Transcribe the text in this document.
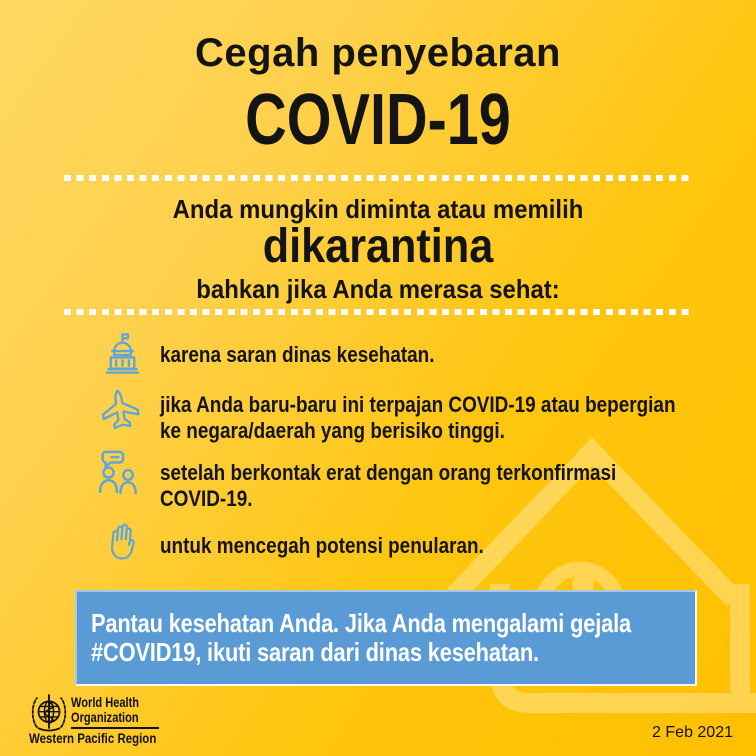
Cegah penyebaran
COVID-19
Anda mungkin diminta atau memilih
dikarantina
bahkan jika Anda merasa sehat:
karena saran dinas kesehatan.
jika Anda baru-baru ini terpajan COVID-19 atau bepergian
ke negara/daerah yang berisiko tinggi.
setelah berkontak erat dengan orang terkonfirmasi
COVID-19.
untuk mencegah potensi penularan.
Pantau kesehatan Anda. Jika Anda mengalami gejala
#COVID19, ikuti saran dari dinas kesehatan.
World Health
Organization
Western Pacific Region	2 Feb 2021
